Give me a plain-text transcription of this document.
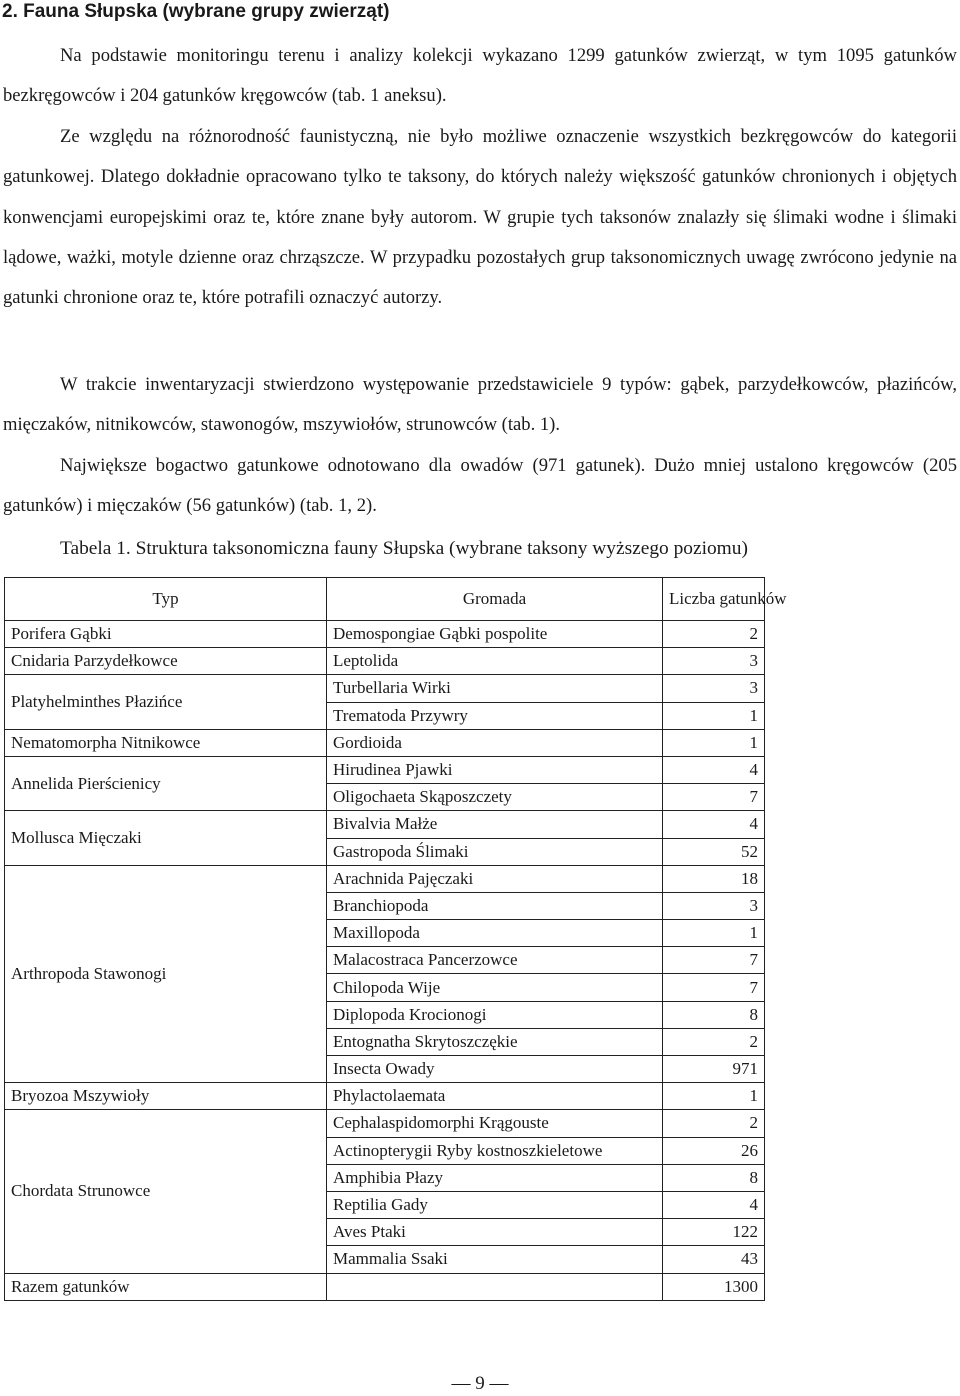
2. Fauna Słupska (wybrane grupy zwierząt)

Na podstawie monitoringu terenu i analizy kolekcji wykazano 1299 gatunków zwierząt, w tym 1095 gatunków bezkręgowców i 204 gatunków kręgowców (tab. 1 aneksu).

Ze względu na różnorodność faunistyczną, nie było możliwe oznaczenie wszystkich bezkręgowców do kategorii gatunkowej. Dlatego dokładnie opracowano tylko te taksony, do których należy większość gatunków chronionych i objętych konwencjami europejskimi oraz te, które znane były autorom. W grupie tych taksonów znalazły się ślimaki wodne i ślimaki lądowe, ważki, motyle dzienne oraz chrząszcze. W przypadku pozostałych grup taksonomicznych uwagę zwrócono jedynie na gatunki chronione oraz te, które potrafili oznaczyć autorzy.

W trakcie inwentaryzacji stwierdzono występowanie przedstawiciele 9 typów: gąbek, parzydełkowców, płazińców, mięczaków, nitnikowców, stawonogów, mszywiołów, strunowców (tab. 1).

Największe bogactwo gatunkowe odnotowano dla owadów (971 gatunek). Dużo mniej ustalono kręgowców (205 gatunków) i mięczaków (56 gatunków) (tab. 1, 2).

Tabela 1. Struktura taksonomiczna fauny Słupska (wybrane taksony wyższego poziomu)

Typ	Gromada	Liczba gatunków
Porifera Gąbki	Demospongiae Gąbki pospolite	2
Cnidaria Parzydełkowce	Leptolida	3
Platyhelminthes Płazińce	Turbellaria Wirki	3
	Trematoda Przywry	1
Nematomorpha Nitnikowce	Gordioida	1
Annelida Pierścienicy	Hirudinea Pjawki	4
	Oligochaeta Skąposzczety	7
Mollusca Mięczaki	Bivalvia Małże	4
	Gastropoda Ślimaki	52
Arthropoda Stawonogi	Arachnida Pajęczaki	18
	Branchiopoda	3
	Maxillopoda	1
	Malacostraca Pancerzowce	7
	Chilopoda Wije	7
	Diplopoda Krocionogi	8
	Entognatha Skrytoszczękie	2
	Insecta Owady	971
Bryozoa Mszywioły	Phylactolaemata	1
Chordata Strunowce	Cephalaspidomorphi Krągouste	2
	Actinopterygii Ryby kostnoszkieletowe	26
	Amphibia Płazy	8
	Reptilia Gady	4
	Aves Ptaki	122
	Mammalia Ssaki	43
Razem gatunków		1300
— 9 —
